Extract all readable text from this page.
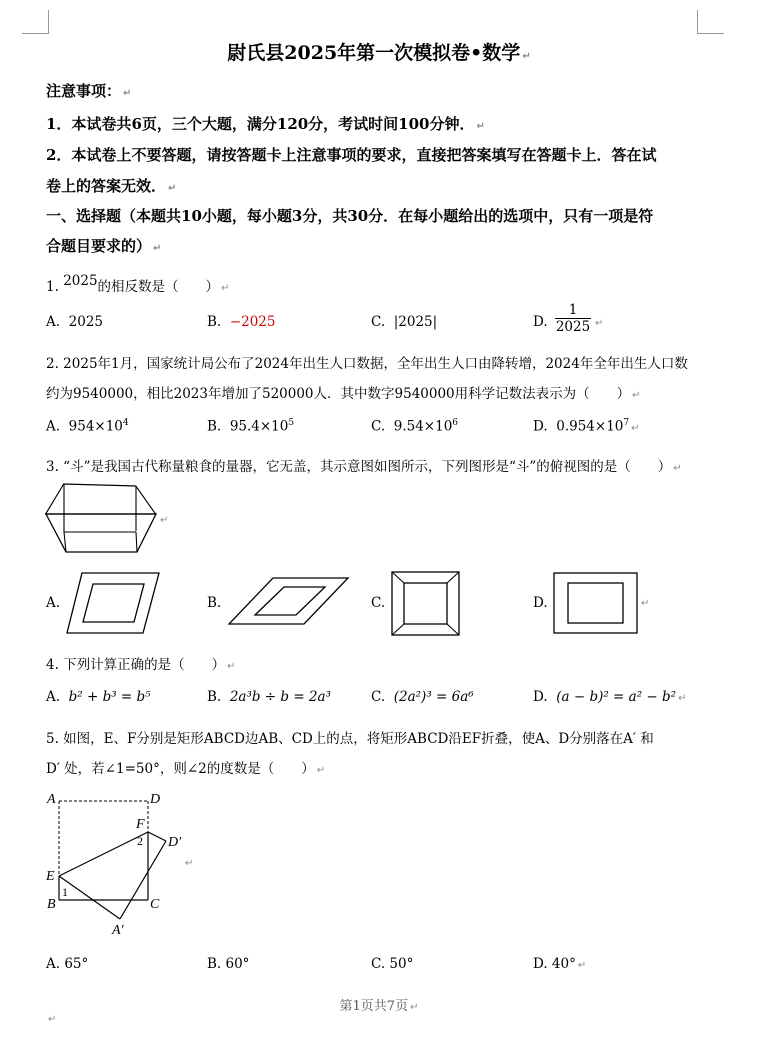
尉氏县2025年第一次模拟卷•数学 ↵
注意事项： ↵
1．本试卷共6页，三个大题，满分120分，考试时间100分钟． ↵
2．本试卷上不要答题，请按答题卡上注意事项的要求，直接把答案填写在答题卡上．答在试
卷上的答案无效． ↵
一、选择题（本题共10小题，每小题3分，共30分．在每小题给出的选项中，只有一项是符
合题目要求的） ↵
1. 2025的相反数是（　　） ↵
A. 2025	B. −2025	C. |2025|	D.
1
2025 ↵
2. 2025年1月，国家统计局公布了2024年出生人口数据，全年出生人口由降转增，2024年全年出生人口数
约为9540000，相比2023年增加了520000人．其中数字9540000用科学记数法表示为（　　） ↵
A. $954\times 10^4$	B. $95.4\times 10^5$	C. $9.54\times 10^6$	D. $0.954\times 10^7$ ↵
3. “斗”是我国古代称量粮食的量器，它无盖，其示意图如图所示，下列图形是“斗”的俯视图的是（　　） ↵
↵
A.	B.	C.	D.	↵
4. 下列计算正确的是（　　） ↵
A. b² + b³ = b⁵	B. 2a³b ÷ b = 2a³	C. (2a²)³ = 6a⁶	D. (a − b)² = a² − b² ↵
5. 如图，E、F分别是矩形ABCD边AB、CD上的点，将矩形ABCD沿EF折叠，使A、D分别落在A′ 和
D′ 处，若∠1=50°，则∠2的度数是（　　） ↵
A	D
F
2 D′
E
1
B	C
A′
↵
A. 65°	B. 60°	C. 50°	D. 40° ↵
第1页共7页 ↵
↵
